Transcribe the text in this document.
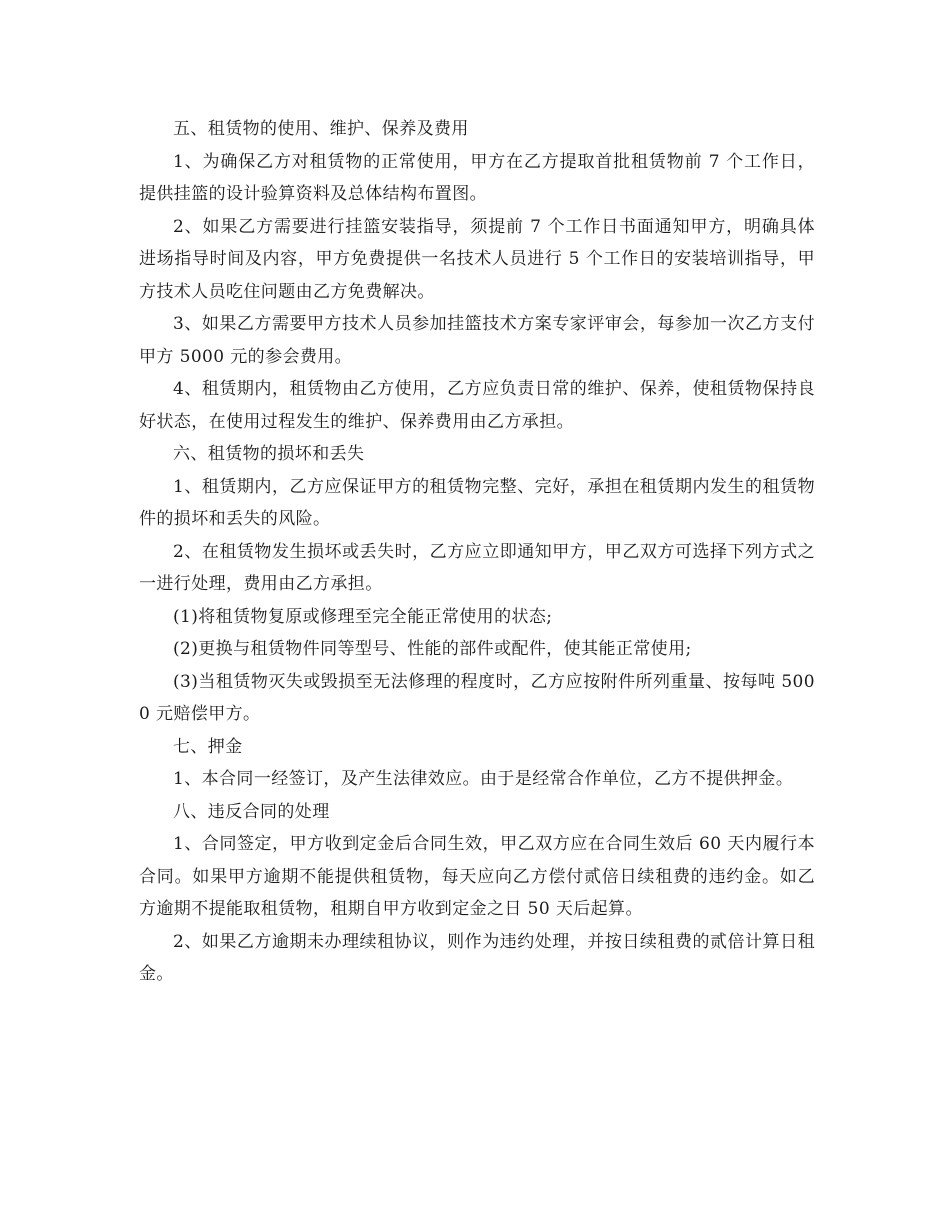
五、租赁物的使用、维护、保养及费用

1、为确保乙方对租赁物的正常使用，甲方在乙方提取首批租赁物前 7 个工作日，提供挂篮的设计验算资料及总体结构布置图。

2、如果乙方需要进行挂篮安装指导，须提前 7 个工作日书面通知甲方，明确具体进场指导时间及内容，甲方免费提供一名技术人员进行 5 个工作日的安装培训指导，甲方技术人员吃住问题由乙方免费解决。

3、如果乙方需要甲方技术人员参加挂篮技术方案专家评审会，每参加一次乙方支付甲方 5000 元的参会费用。

4、租赁期内，租赁物由乙方使用，乙方应负责日常的维护、保养，使租赁物保持良好状态，在使用过程发生的维护、保养费用由乙方承担。

六、租赁物的损坏和丢失

1、租赁期内，乙方应保证甲方的租赁物完整、完好，承担在租赁期内发生的租赁物件的损坏和丢失的风险。

2、在租赁物发生损坏或丢失时，乙方应立即通知甲方，甲乙双方可选择下列方式之一进行处理，费用由乙方承担。

(1)将租赁物复原或修理至完全能正常使用的状态;

(2)更换与租赁物件同等型号、性能的部件或配件，使其能正常使用;

(3)当租赁物灭失或毁损至无法修理的程度时，乙方应按附件所列重量、按每吨 5000 元赔偿甲方。

七、押金

1、本合同一经签订，及产生法律效应。由于是经常合作单位，乙方不提供押金。

八、违反合同的处理

1、合同签定，甲方收到定金后合同生效，甲乙双方应在合同生效后 60 天内履行本合同。如果甲方逾期不能提供租赁物，每天应向乙方偿付贰倍日续租费的违约金。如乙方逾期不提能取租赁物，租期自甲方收到定金之日 50 天后起算。

2、如果乙方逾期未办理续租协议，则作为违约处理，并按日续租费的贰倍计算日租金。
